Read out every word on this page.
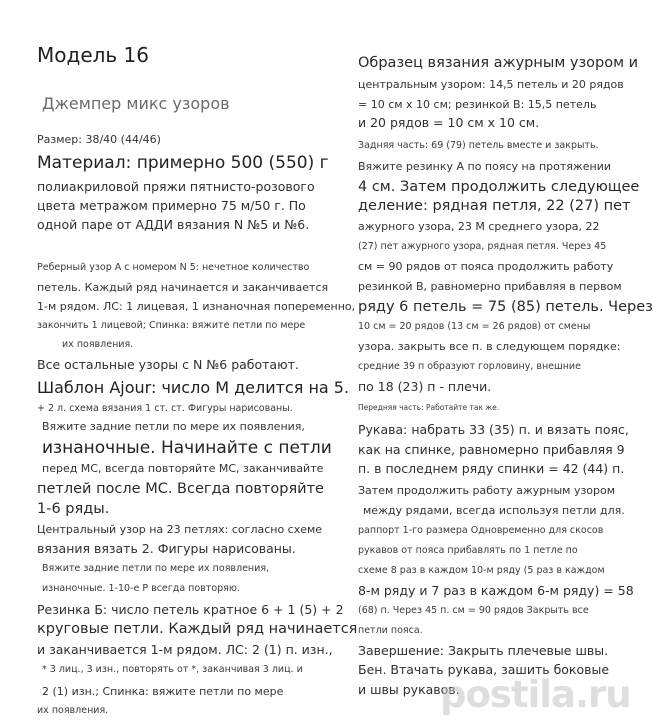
Модель 16
Джемпер микс узоров
Размер: 38/40 (44/46)
Материал: примерно 500 (550) г
полиакриловой пряжи пятнисто-розового
цвета метражом примерно 75 м/50 г. По
одной паре от АДДИ вязания N №5 и №6.
Реберный узор А с номером N 5: нечетное количество
петель. Каждый ряд начинается и заканчивается
1-м рядом. ЛС: 1 лицевая, 1 изнаночная попеременно,
закончить 1 лицевой; Спинка: вяжите петли по мере
их появления.
Все остальные узоры с N №6 работают.
Шаблон Ajour: число М делится на 5.
+ 2 л. схема вязания 1 ст. ст. Фигуры нарисованы.
Вяжите задние петли по мере их появления,
изнаночные. Начинайте с петли
перед МС, всегда повторяйте МС, заканчивайте
петлей после МС. Всегда повторяйте
1-6 ряды.
Центральный узор на 23 петлях: согласно схеме
вязания вязать 2. Фигуры нарисованы.
Вяжите задние петли по мере их появления,
изнаночные. 1-10-е Р всегда повторяю.
Резинка Б: число петель кратное 6 + 1 (5) + 2
круговые петли. Каждый ряд начинается
и заканчивается 1-м рядом. ЛС: 2 (1) п. изн.,
* 3 лиц., 3 изн., повторять от *, заканчивая 3 лиц. и
2 (1) изн.; Спинка: вяжите петли по мере
их появления.
Образец вязания ажурным узором и
центральным узором: 14,5 петель и 20 рядов
= 10 см x 10 см; резинкой В: 15,5 петель
и 20 рядов = 10 см x 10 см.
Задняя часть: 69 (79) петель вместе и закрыть.
Вяжите резинку А по поясу на протяжении
4 см. Затем продолжить следующее
деление: рядная петля, 22 (27) пет
ажурного узора, 23 М среднего узора, 22
(27) пет ажурного узора, рядная петля. Через 45
см = 90 рядов от пояса продолжить работу
резинкой В, равномерно прибавляя в первом
ряду 6 петель = 75 (85) петель. Через
10 см = 20 рядов (13 см = 26 рядов) от смены
узора. закрыть все п. в следующем порядке:
средние 39 п образуют горловину, внешние
по 18 (23) п - плечи.
Передняя часть: Работайте так же.
Рукава: набрать 33 (35) п. и вязать пояс,
как на спинке, равномерно прибавляя 9
п. в последнем ряду спинки = 42 (44) п.
Затем продолжить работу ажурным узором
между рядами, всегда используя петли для.
раппорт 1-го размера Одновременно для скосов
рукавов от пояса прибавлять по 1 петле по
схеме 8 раз в каждом 10-м ряду (5 раз в каждом
8-м ряду и 7 раз в каждом 6-м ряду) = 58
(68) п. Через 45 п. см = 90 рядов Закрыть все
петли пояса.
Завершение: Закрыть плечевые швы.
Бен. Втачать рукава, зашить боковые
и швы рукавов.
postila.ru
